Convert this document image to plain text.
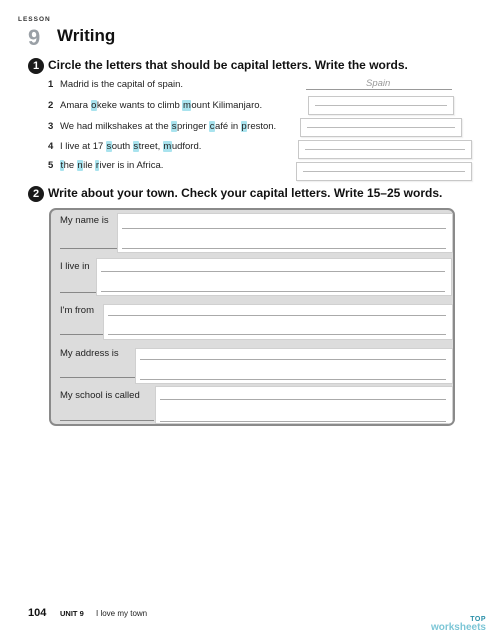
LESSON
9 Writing
1 Circle the letters that should be capital letters. Write the words.
1 Madrid is the capital of spain.
2 Amara okeke wants to climb mount Kilimanjaro.
3 We had milkshakes at the springer café in preston.
4 I live at 17 south street, mudford.
5 the nile river is in Africa.
Spain
2 Write about your town. Check your capital letters. Write 15–25 words.
My name is
I live in
I'm from
My address is
My school is called
104 UNIT 9 I love my town
TOP
worksheets
